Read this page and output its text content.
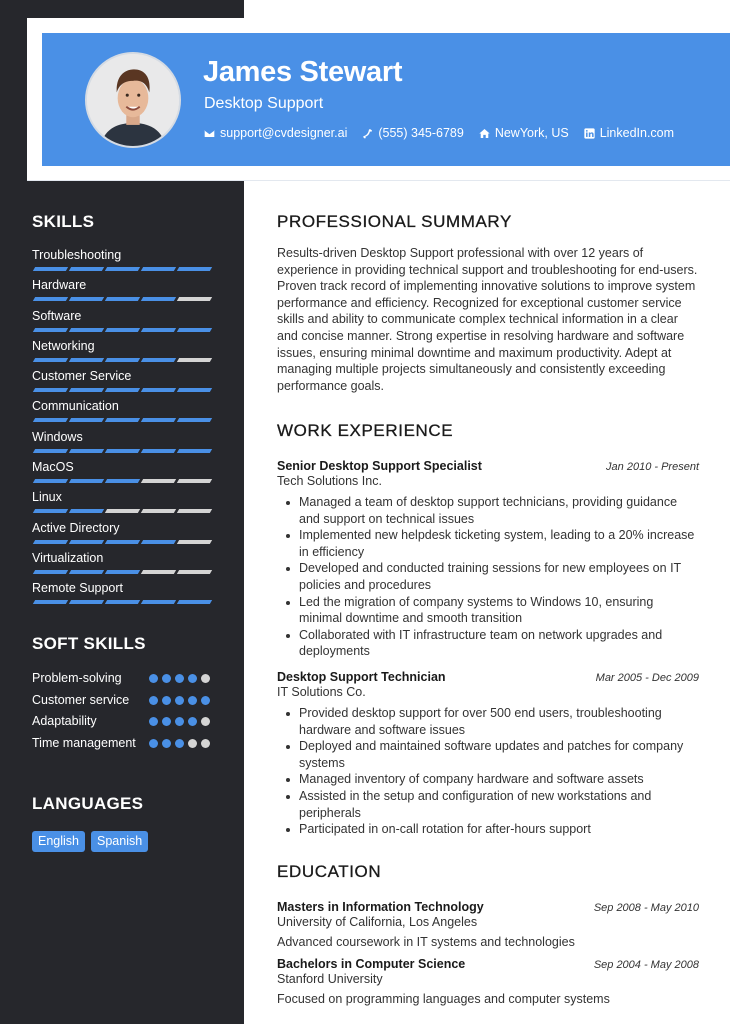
James Stewart
Desktop Support
support@cvdesigner.ai (555) 345-6789 NewYork, US LinkedIn.com
SKILLS
Troubleshooting
Hardware
Software
Networking
Customer Service
Communication
Windows
MacOS
Linux
Active Directory
Virtualization
Remote Support
SOFT SKILLS
Problem-solving
Customer service
Adaptability
Time management
LANGUAGES
English	Spanish
PROFESSIONAL SUMMARY

Results-driven Desktop Support professional with over 12 years of experience in providing technical support and troubleshooting for end-users. Proven track record of implementing innovative solutions to improve system performance and efficiency. Recognized for exceptional customer service skills and ability to communicate complex technical information in a clear and concise manner. Strong expertise in resolving hardware and software issues, ensuring minimal downtime and maximum productivity. Adept at managing multiple projects simultaneously and consistently exceeding performance goals.

WORK EXPERIENCE
Senior Desktop Support Specialist	Jan 2010 - Present
Tech Solutions Inc.
Managed a team of desktop support technicians, providing guidance and support on technical issues
Implemented new helpdesk ticketing system, leading to a 20% increase in efficiency
Developed and conducted training sessions for new employees on IT policies and procedures
Led the migration of company systems to Windows 10, ensuring minimal downtime and smooth transition
Collaborated with IT infrastructure team on network upgrades and deployments
Desktop Support Technician	Mar 2005 - Dec 2009
IT Solutions Co.
Provided desktop support for over 500 end users, troubleshooting hardware and software issues
Deployed and maintained software updates and patches for company systems
Managed inventory of company hardware and software assets
Assisted in the setup and configuration of new workstations and peripherals
Participated in on-call rotation for after-hours support
EDUCATION
Masters in Information Technology	Sep 2008 - May 2010
University of California, Los Angeles
Advanced coursework in IT systems and technologies
Bachelors in Computer Science	Sep 2004 - May 2008
Stanford University
Focused on programming languages and computer systems
